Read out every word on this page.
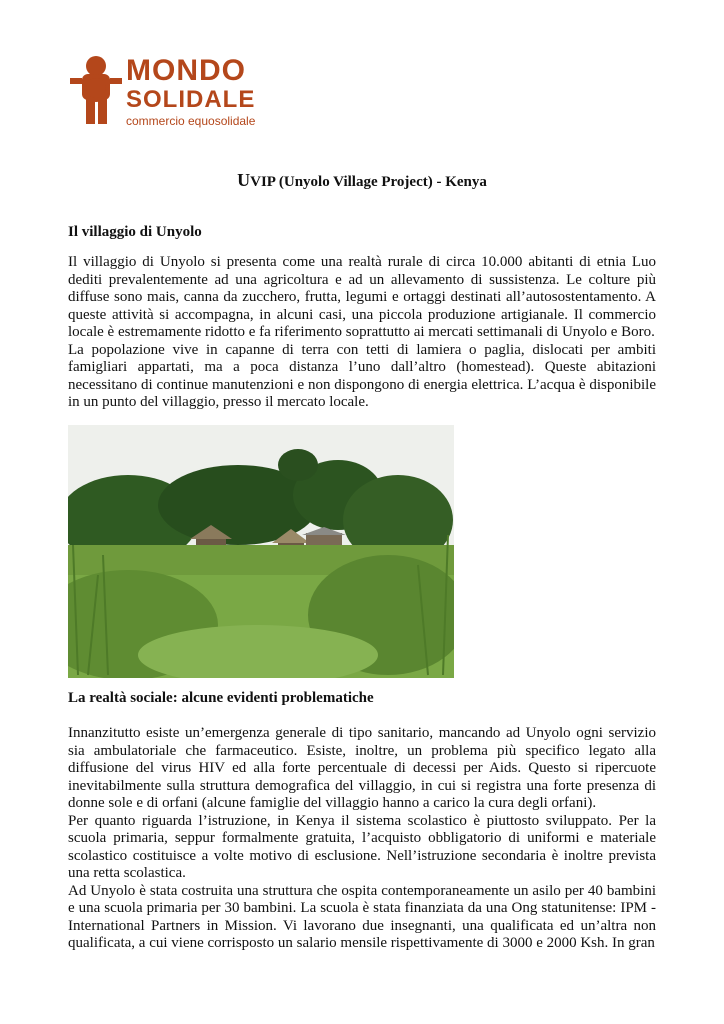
MONDO
SOLIDALE
commercio equosolidale
UVIP (Unyolo Village Project) - Kenya
Il villaggio di Unyolo

Il villaggio di Unyolo si presenta come una realtà rurale di circa 10.000 abitanti di etnia Luo dediti prevalentemente ad una agricoltura e ad un allevamento di sussistenza. Le colture più diffuse sono mais, canna da zucchero, frutta, legumi e ortaggi destinati all’autosostentamento. A queste attività si accompagna, in alcuni casi, una piccola produzione artigianale. Il commercio locale è estremamente ridotto e fa riferimento soprattutto ai mercati settimanali di Unyolo e Boro.

La popolazione vive in capanne di terra con tetti di lamiera o paglia, dislocati per ambiti famigliari appartati, ma a poca distanza l’uno dall’altro (homestead). Queste abitazioni necessitano di continue manutenzioni e non dispongono di energia elettrica. L’acqua è disponibile in un punto del villaggio, presso il mercato locale.

La realtà sociale: alcune evidenti problematiche

Innanzitutto esiste un’emergenza generale di tipo sanitario, mancando ad Unyolo ogni servizio sia ambulatoriale che farmaceutico. Esiste, inoltre, un problema più specifico legato alla diffusione del virus HIV ed alla forte percentuale di decessi per Aids. Questo si ripercuote inevitabilmente sulla struttura demografica del villaggio, in cui si registra una forte presenza di donne sole e di orfani (alcune famiglie del villaggio hanno a carico la cura degli orfani).

Per quanto riguarda l’istruzione, in Kenya il sistema scolastico è piuttosto sviluppato. Per la scuola primaria, seppur formalmente gratuita, l’acquisto obbligatorio di uniformi e materiale scolastico costituisce a volte motivo di esclusione. Nell’istruzione secondaria è inoltre prevista una retta scolastica.

Ad Unyolo è stata costruita una struttura che ospita contemporaneamente un asilo per 40 bambini e una scuola primaria per 30 bambini. La scuola è stata finanziata da una Ong statunitense: IPM - International Partners in Mission. Vi lavorano due insegnanti, una qualificata ed un’altra non qualificata, a cui viene corrisposto un salario mensile rispettivamente di 3000 e 2000 Ksh. In gran
